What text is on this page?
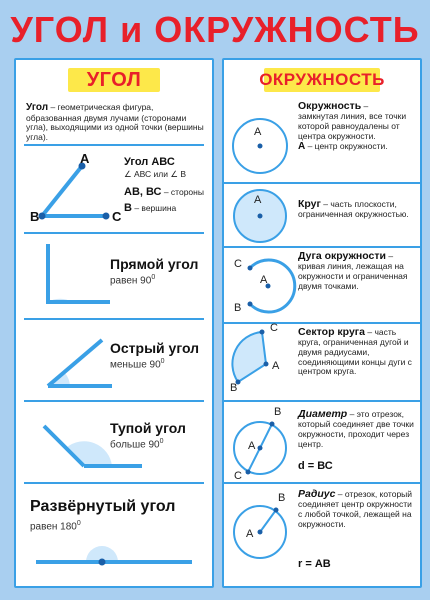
УГОЛ и ОКРУЖНОСТЬ
УГОЛ
Угол – геометрическая фигура, образованная двумя лучами (сторонами угла), выходящими из одной точки (вершины угла).
А
В	С
Угол АВС
∠ АВС или ∠ В
АВ, ВС – стороны
В – вершина
Прямой угол
равен $90^0$
Острый угол
меньше $90^0$
Тупой угол
больше $90^0$
Развёрнутый угол
равен $180^0$
ОКРУЖНОСТЬ
А
Окружность –
замкнутая линия, все точки которой равноудалены от центра окружности.
А – центр окружности.
А	Круг – часть плоскости, ограниченная окружностью.
С
А
В
Дуга окружности – кривая линия, лежащая на окружности и ограниченная двумя точками.
С
А
В
Сектор круга – часть круга, ограниченная дугой и двумя радиусами, соединяющими концы дуги с центром круга.
В
А
С
Диаметр – это отрезок, который соединяет две точки окружности, проходит через центр.
d = ВС
В
А
Радиус – отрезок, который соединяет центр окружности с любой точкой, лежащей на окружности.
r = АВ
